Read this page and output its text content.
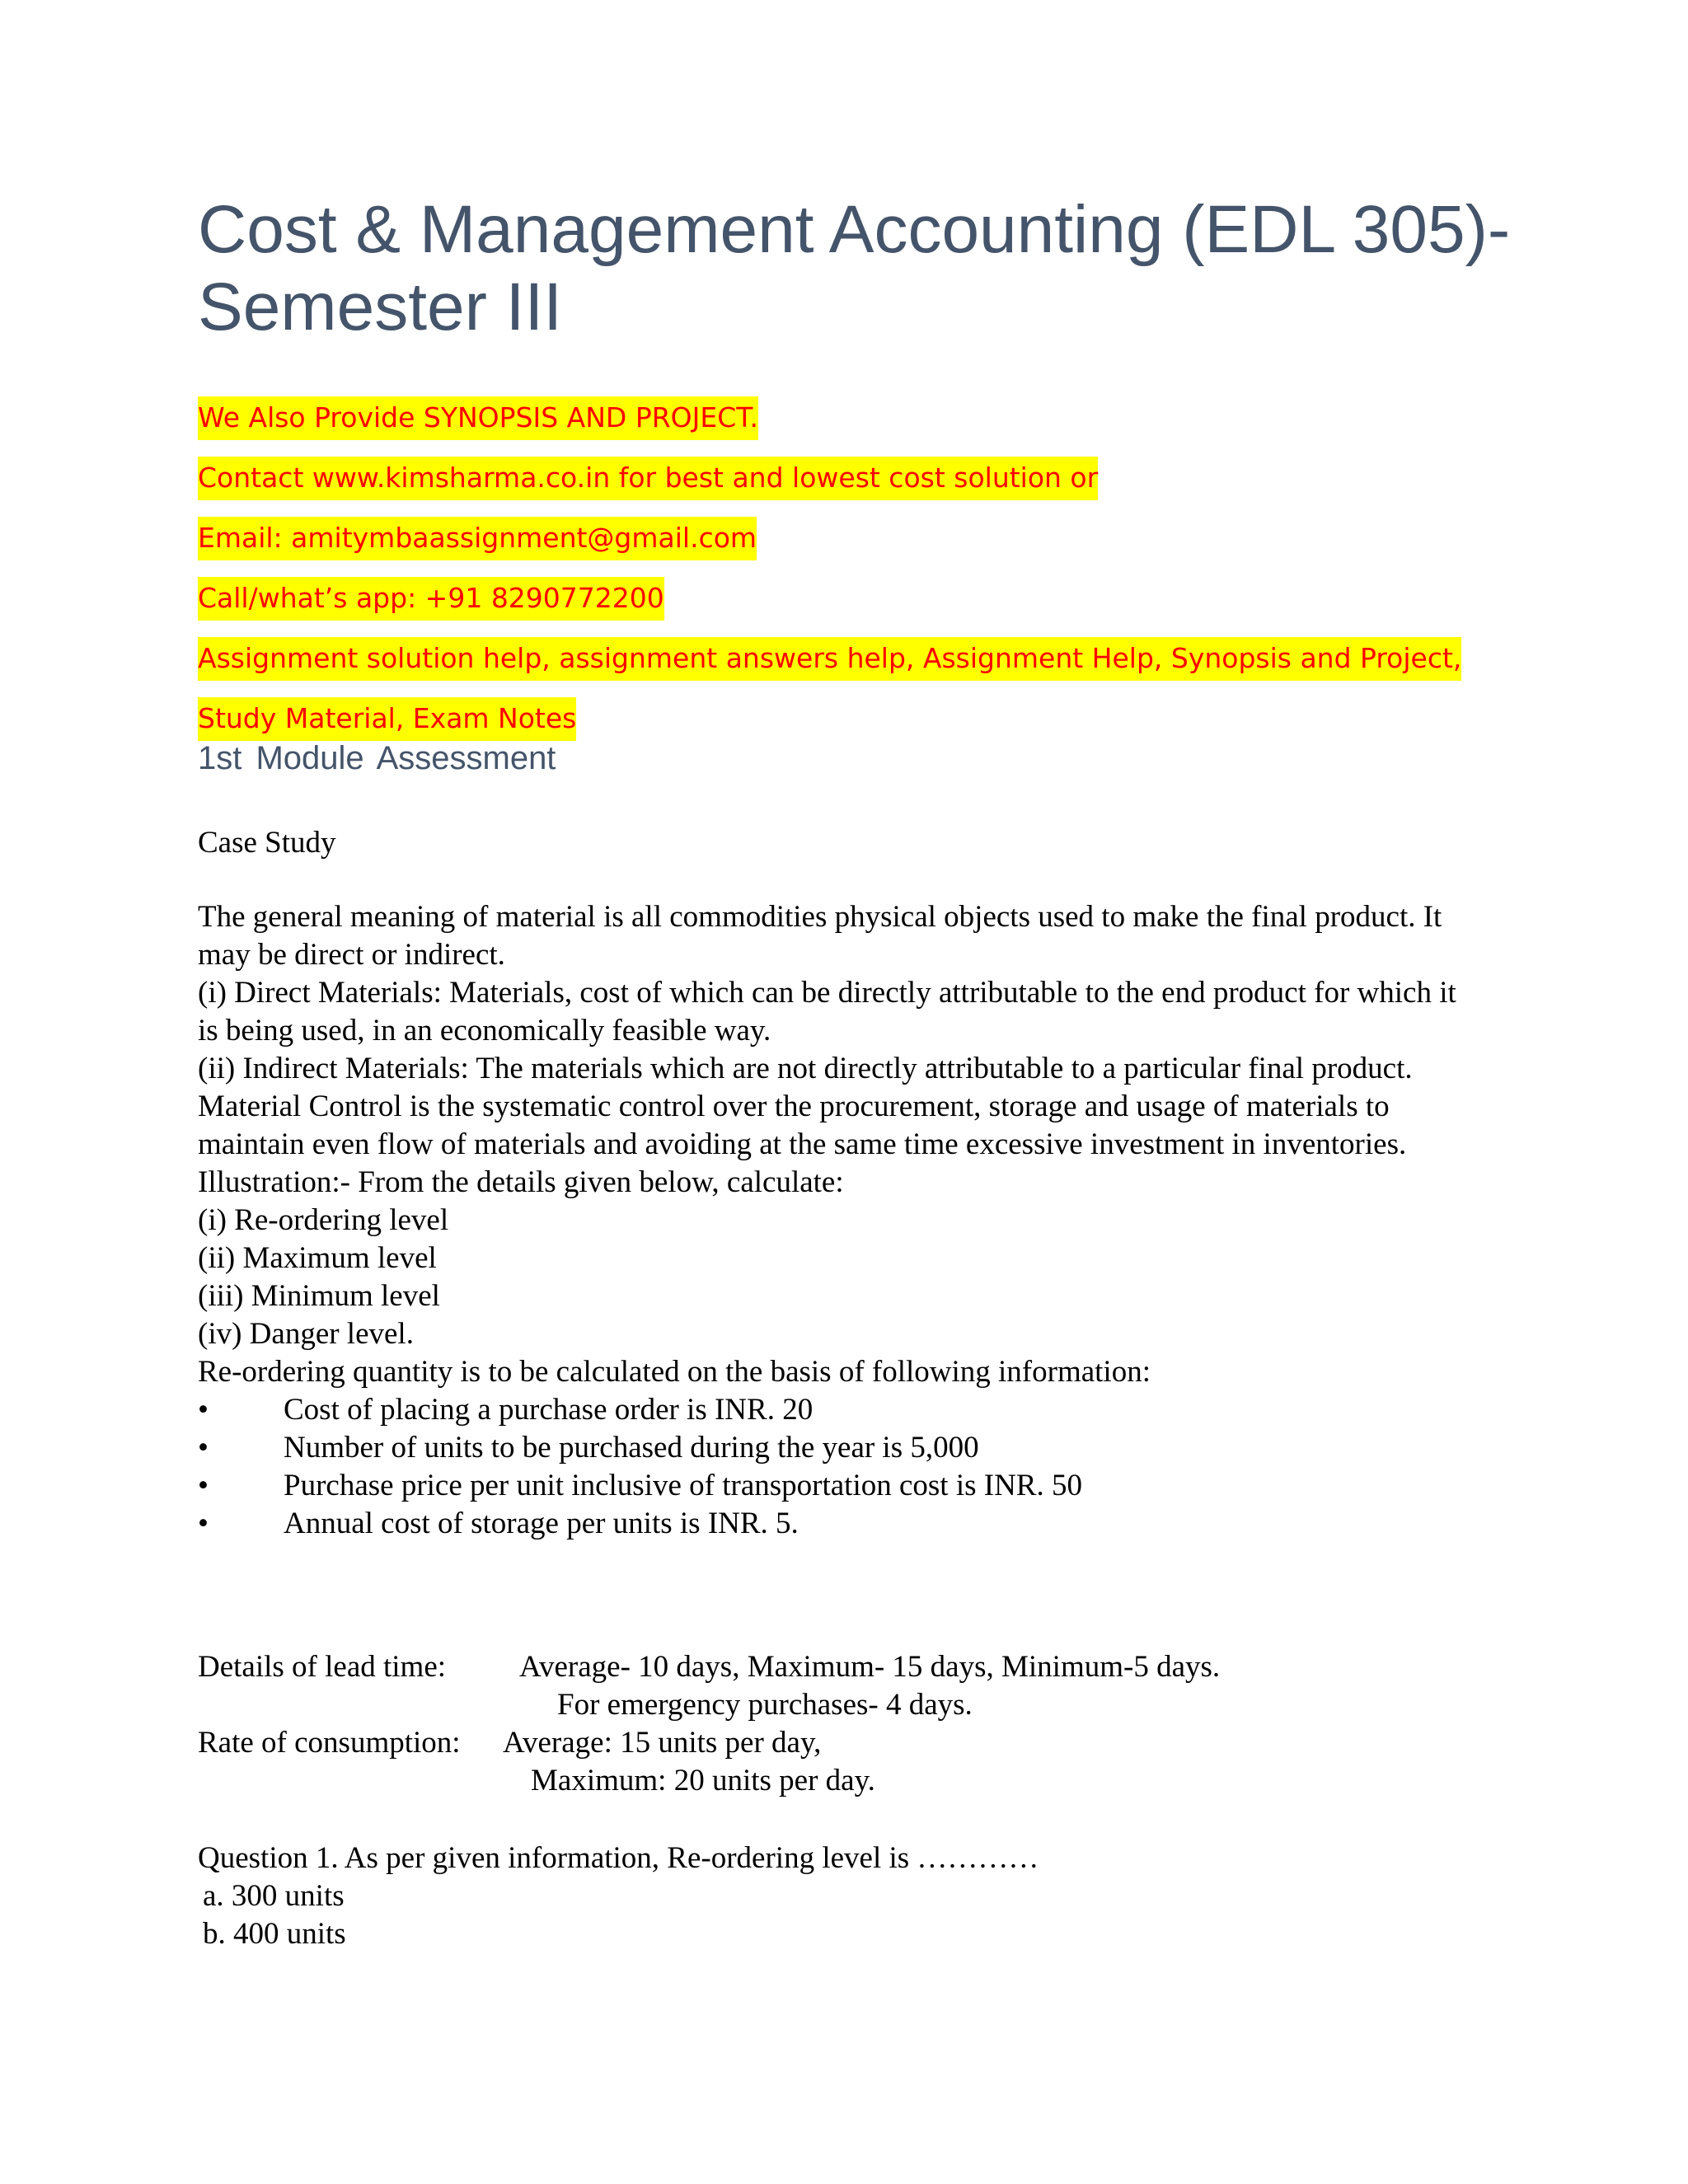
Cost & Management Accounting (EDL 305)-
Semester III
We Also Provide SYNOPSIS AND PROJECT.
Contact www.kimsharma.co.in for best and lowest cost solution or
Email: amitymbaassignment@gmail.com
Call/what’s app: +91 8290772200
Assignment solution help, assignment answers help, Assignment Help, Synopsis and Project,
Study Material, Exam Notes
1st Module Assessment
Case Study

The general meaning of material is all commodities physical objects used to make the final product. It may be direct or indirect.

(i) Direct Materials: Materials, cost of which can be directly attributable to the end product for which it is being used, in an economically feasible way.

(ii) Indirect Materials: The materials which are not directly attributable to a particular final product.

Material Control is the systematic control over the procurement, storage and usage of materials to maintain even flow of materials and avoiding at the same time excessive investment in inventories.

Illustration:- From the details given below, calculate:

(i) Re-ordering level

(ii) Maximum level

(iii) Minimum level

(iv) Danger level.

Re-ordering quantity is to be calculated on the basis of following information:

•	Cost of placing a purchase order is INR. 20
•	Number of units to be purchased during the year is 5,000
•	Purchase price per unit inclusive of transportation cost is INR. 50
•	Annual cost of storage per units is INR. 5.
Details of lead time: Average- 10 days, Maximum- 15 days, Minimum-5 days.
For emergency purchases- 4 days.
Rate of consumption: Average: 15 units per day,
Maximum: 20 units per day.

Question 1. As per given information, Re-ordering level is …………

a. 300 units

b. 400 units
